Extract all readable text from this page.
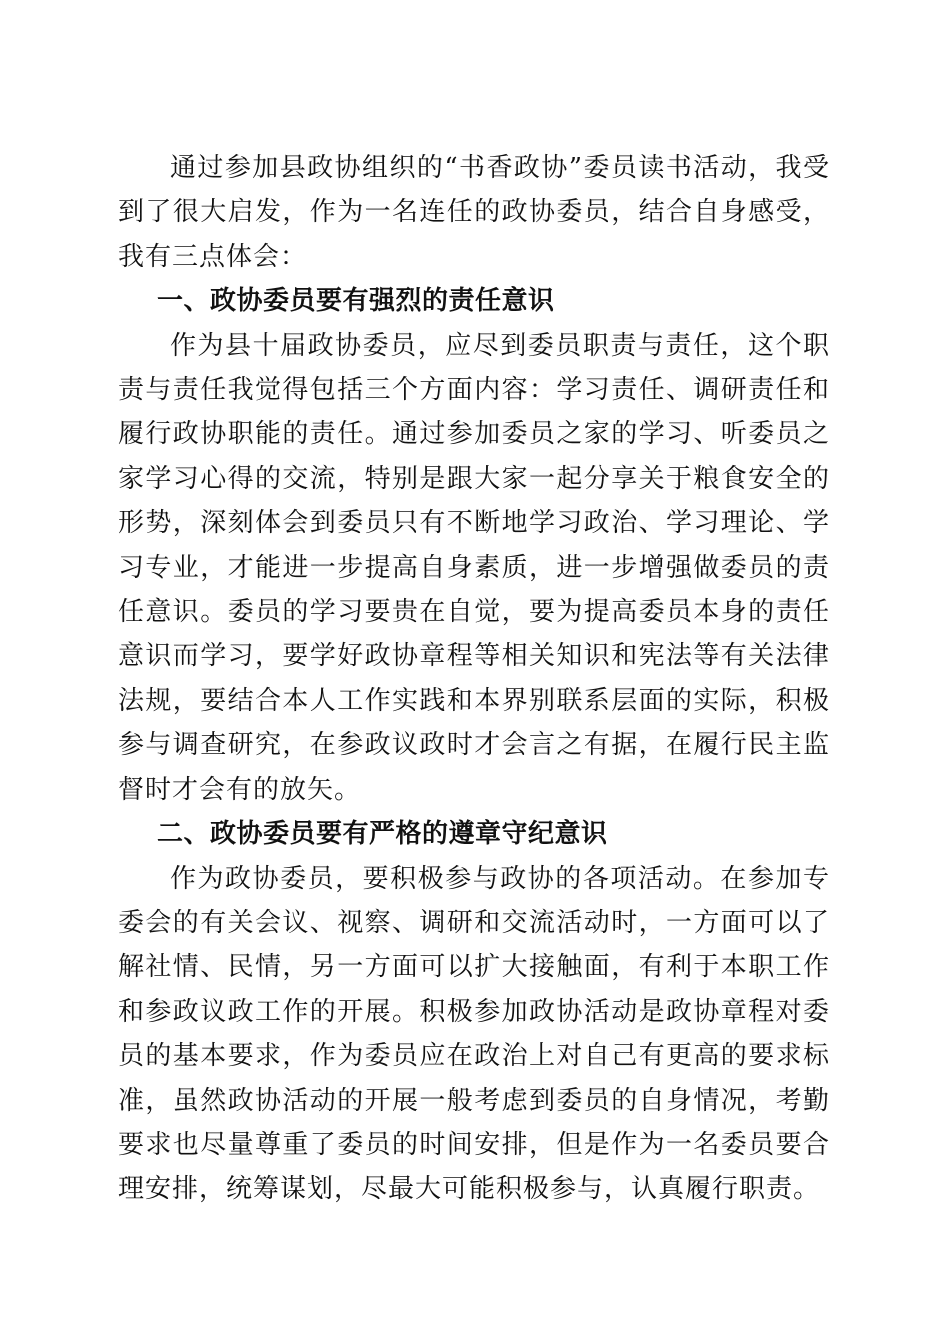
通过参加县政协组织的“书香政协”委员读书活动，我受到了很大启发，作为一名连任的政协委员，结合自身感受，我有三点体会：

一、政协委员要有强烈的责任意识

作为县十届政协委员，应尽到委员职责与责任，这个职责与责任我觉得包括三个方面内容：学习责任、调研责任和履行政协职能的责任。通过参加委员之家的学习、听委员之家学习心得的交流，特别是跟大家一起分享关于粮食安全的形势，深刻体会到委员只有不断地学习政治、学习理论、学习专业，才能进一步提高自身素质，进一步增强做委员的责任意识。委员的学习要贵在自觉，要为提高委员本身的责任意识而学习，要学好政协章程等相关知识和宪法等有关法律法规，要结合本人工作实践和本界别联系层面的实际，积极参与调查研究，在参政议政时才会言之有据，在履行民主监督时才会有的放矢。

二、政协委员要有严格的遵章守纪意识

作为政协委员，要积极参与政协的各项活动。在参加专委会的有关会议、视察、调研和交流活动时，一方面可以了解社情、民情，另一方面可以扩大接触面，有利于本职工作和参政议政工作的开展。积极参加政协活动是政协章程对委员的基本要求，作为委员应在政治上对自己有更高的要求标准，虽然政协活动的开展一般考虑到委员的自身情况，考勤要求也尽量尊重了委员的时间安排，但是作为一名委员要合理安排，统筹谋划，尽最大可能积极参与，认真履行职责。
